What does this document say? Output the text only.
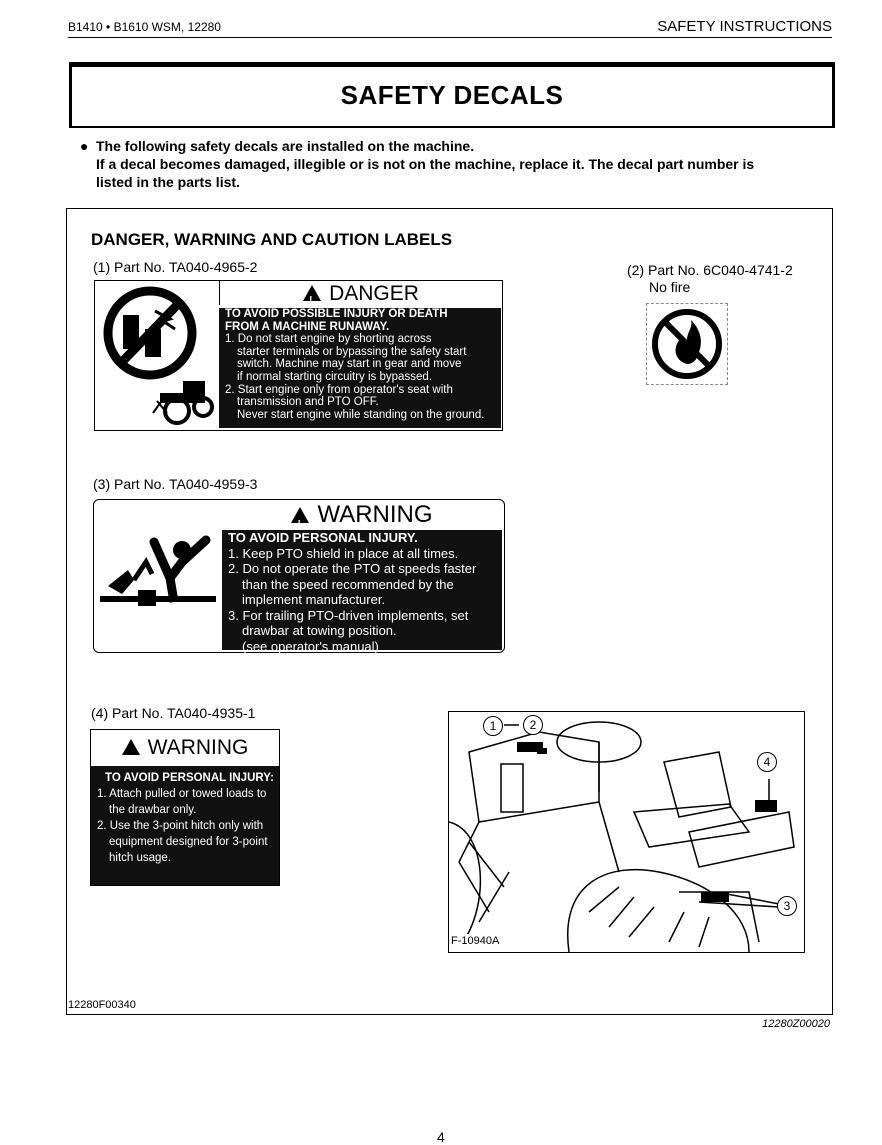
B1410 • B1610 WSM, 12280	SAFETY INSTRUCTIONS
SAFETY DECALS
● The following safety decals are installed on the machine.
If a decal becomes damaged, illegible or is not on the machine, replace it. The decal part number is
listed in the parts list.
DANGER, WARNING AND CAUTION LABELS
(1) Part No. TA040-4965-2
!DANGER
TO AVOID POSSIBLE INJURY OR DEATH
FROM A MACHINE RUNAWAY.
1. Do not start engine by shorting across
starter terminals or bypassing the safety start
switch. Machine may start in gear and move
if normal starting circuitry is bypassed.
2. Start engine only from operator's seat with
transmission and PTO OFF.
Never start engine while standing on the ground.
(2) Part No. 6C040-4741-2
No fire
(3) Part No. TA040-4959-3
!WARNING
TO AVOID PERSONAL INJURY.
1. Keep PTO shield in place at all times.
2. Do not operate the PTO at speeds faster
than the speed recommended by the
implement manufacturer.
3. For trailing PTO-driven implements, set
drawbar at towing position.
(see operator's manual)
(4) Part No. TA040-4935-1
!WARNING
TO AVOID PERSONAL INJURY:
1. Attach pulled or towed loads to
the drawbar only.
2. Use the 3-point hitch only with
equipment designed for 3-point
hitch usage.
1	2
4
3
F-10940A
12280F00340
12280Z00020
4
